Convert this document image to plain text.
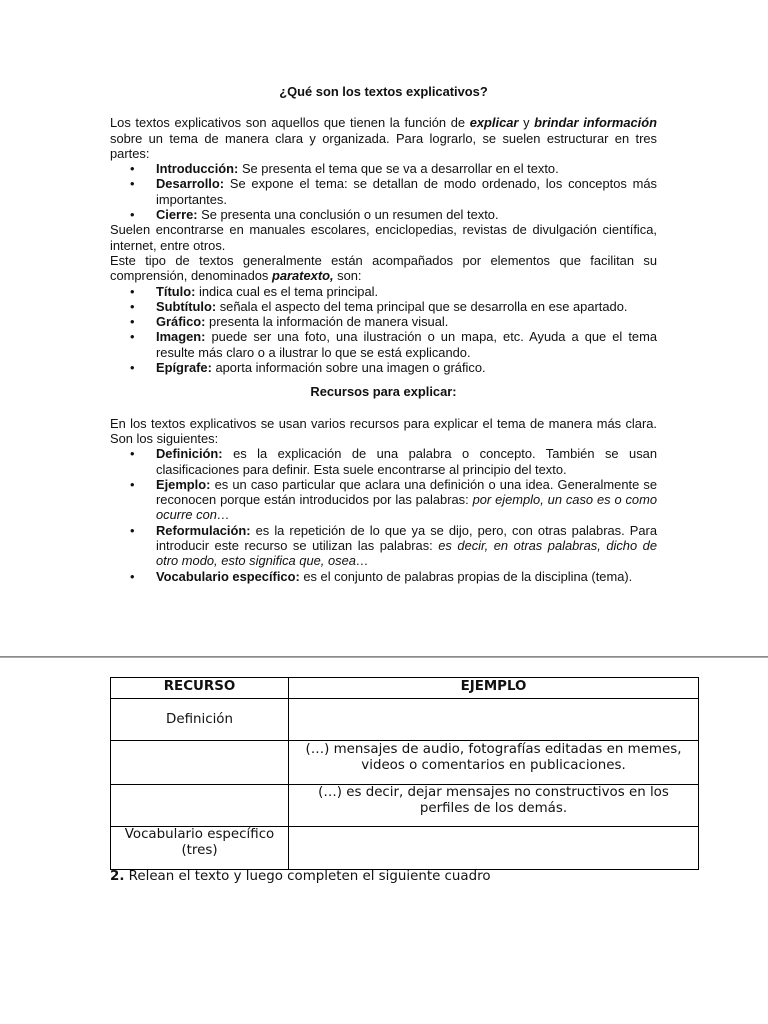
¿Qué son los textos explicativos?

Los textos explicativos son aquellos que tienen la función de explicar y brindar información sobre un tema de manera clara y organizada. Para lograrlo, se suelen estructurar en tres partes:

• Introducción: Se presenta el tema que se va a desarrollar en el texto.
• Desarrollo: Se expone el tema: se detallan de modo ordenado, los conceptos más importantes.
• Cierre: Se presenta una conclusión o un resumen del texto.

Suelen encontrarse en manuales escolares, enciclopedias, revistas de divulgación científica, internet, entre otros.

Este tipo de textos generalmente están acompañados por elementos que facilitan su comprensión, denominados paratexto, son:

• Título: indica cual es el tema principal.
• Subtítulo: señala el aspecto del tema principal que se desarrolla en ese apartado.
• Gráfico: presenta la información de manera visual.
• Imagen: puede ser una foto, una ilustración o un mapa, etc. Ayuda a que el tema resulte más claro o a ilustrar lo que se está explicando.
• Epígrafe: aporta información sobre una imagen o gráfico.
Recursos para explicar:

En los textos explicativos se usan varios recursos para explicar el tema de manera más clara. Son los siguientes:

• Definición: es la explicación de una palabra o concepto. También se usan clasificaciones para definir. Esta suele encontrarse al principio del texto.
• Ejemplo: es un caso particular que aclara una definición o una idea. Generalmente se reconocen porque están introducidos por las palabras: por ejemplo, un caso es o como ocurre con…
• Reformulación: es la repetición de lo que ya se dijo, pero, con otras palabras. Para introducir este recurso se utilizan las palabras: es decir, en otras palabras, dicho de otro modo, esto significa que, osea…
• Vocabulario específico: es el conjunto de palabras propias de la disciplina (tema).
RECURSO	EJEMPLO
Definición	
	(…) mensajes de audio, fotografías editadas en memes, videos o comentarios en publicaciones.
	(…) es decir, dejar mensajes no constructivos en los perfiles de los demás.
Vocabulario específico (tres)	
2. Relean el texto y luego completen el siguiente cuadro
